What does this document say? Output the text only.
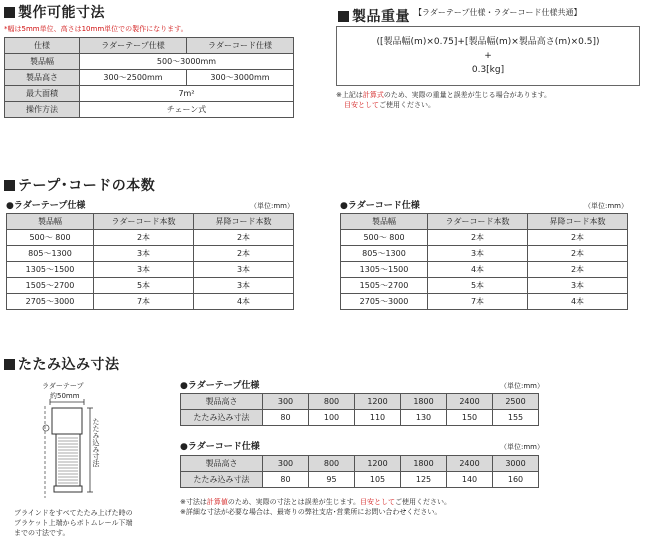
製作可能寸法
*幅は5mm単位、高さは10mm単位での製作になります。
仕様	ラダーテープ仕様	ラダーコード仕様
製品幅	500〜3000mm	
製品高さ	300〜2500mm	300〜3000mm
最大面積	7m²	
操作方法	チェーン式	
製品重量 【ラダーテープ仕様・ラダーコード仕様共通】
([製品幅(m)×0.75]+[製品幅(m)×製品高さ(m)×0.5])
+
0.3[kg]
※上記は計算式のため、実際の重量と誤差が生じる場合があります。
目安としてご使用ください。
テープ･コードの本数
●ラダーテープ仕様	（単位:mm）
製品幅	ラダーコード本数	昇降コード本数
500〜 800	2本	2本
805〜1300	3本	2本
1305〜1500	3本	3本
1505〜2700	5本	3本
2705〜3000	7本	4本
●ラダーコード仕様	（単位:mm）
製品幅	ラダーコード本数	昇降コード本数
500〜 800	2本	2本
805〜1300	3本	2本
1305〜1500	4本	2本
1505〜2700	5本	3本
2705〜3000	7本	4本
たたみ込み寸法
ラダーテープ
約50mm
たたみ込み寸法
ブラインドをすべてたたみ上げた時の
ブラケット上端からボトムレール下端
までの寸法です。
●ラダーテープ仕様	（単位:mm）
製品高さ	300	800	1200	1800	2400	2500
たたみ込み寸法	80	100	110	130	150	155
●ラダーコード仕様	（単位:mm）
製品高さ	300	800	1200	1800	2400	3000
たたみ込み寸法	80	95	105	125	140	160
※寸法は計算値のため、実際の寸法とは誤差が生じます。目安としてご使用ください。
※詳細な寸法が必要な場合は、最寄りの弊社支店･営業所にお問い合わせください。
